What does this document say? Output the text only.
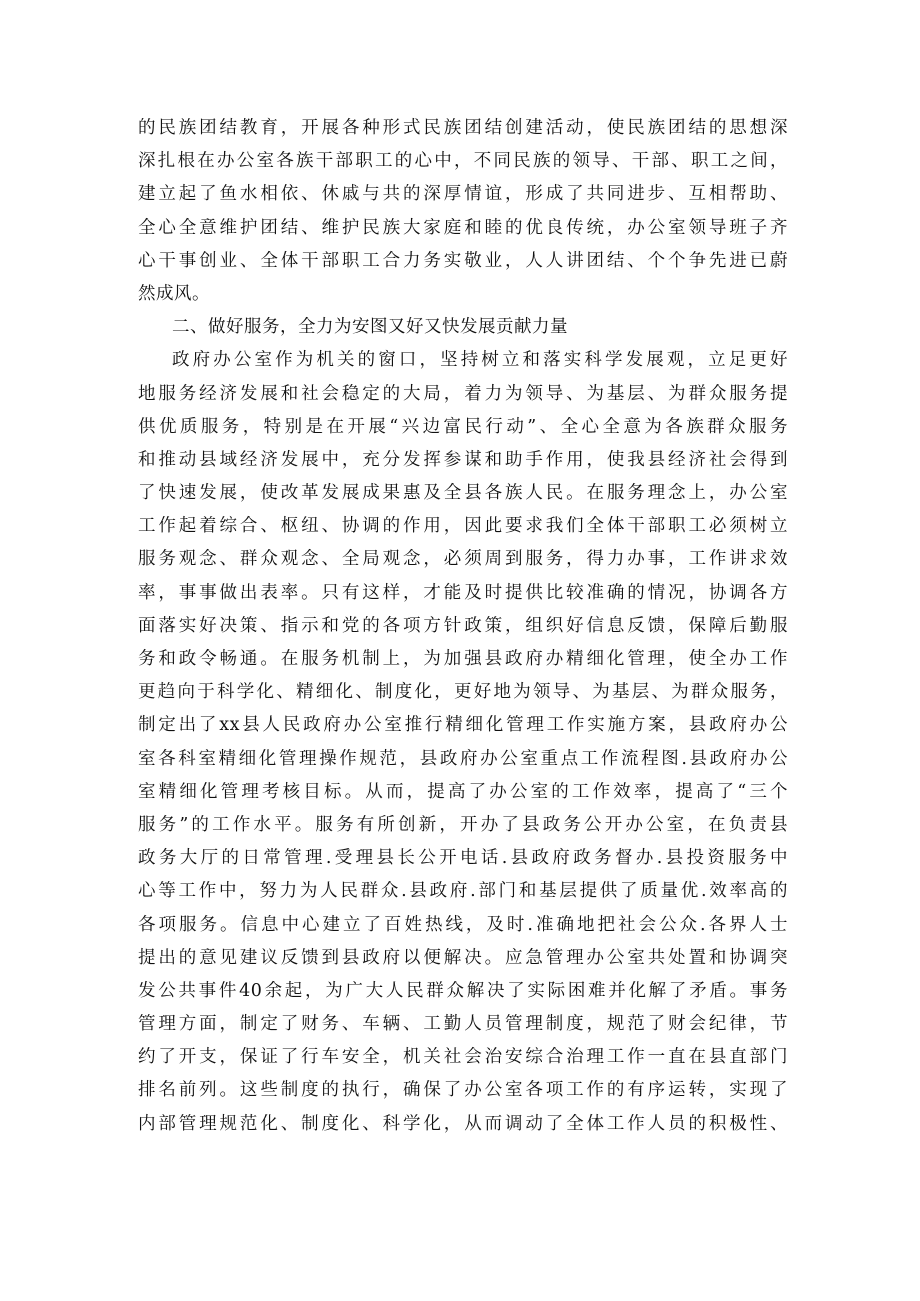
的民族团结教育，开展各种形式民族团结创建活动，使民族团结的思想深
深扎根在办公室各族干部职工的心中，不同民族的领导、干部、职工之间，
建立起了鱼水相依、休戚与共的深厚情谊，形成了共同进步、互相帮助、
全心全意维护团结、维护民族大家庭和睦的优良传统，办公室领导班子齐
心干事创业、全体干部职工合力务实敬业，人人讲团结、个个争先进已蔚
然成风。
二、做好服务，全力为安图又好又快发展贡献力量
政府办公室作为机关的窗口，坚持树立和落实科学发展观，立足更好
地服务经济发展和社会稳定的大局，着力为领导、为基层、为群众服务提
供优质服务，特别是在开展“兴边富民行动”、全心全意为各族群众服务
和推动县域经济发展中，充分发挥参谋和助手作用，使我县经济社会得到
了快速发展，使改革发展成果惠及全县各族人民。在服务理念上，办公室
工作起着综合、枢纽、协调的作用，因此要求我们全体干部职工必须树立
服务观念、群众观念、全局观念，必须周到服务，得力办事，工作讲求效
率，事事做出表率。只有这样，才能及时提供比较准确的情况，协调各方
面落实好决策、指示和党的各项方针政策，组织好信息反馈，保障后勤服
务和政令畅通。在服务机制上，为加强县政府办精细化管理，使全办工作
更趋向于科学化、精细化、制度化，更好地为领导、为基层、为群众服务，
制定出了xx县人民政府办公室推行精细化管理工作实施方案，县政府办公
室各科室精细化管理操作规范，县政府办公室重点工作流程图.县政府办公
室精细化管理考核目标。从而，提高了办公室的工作效率，提高了“三个
服务”的工作水平。服务有所创新，开办了县政务公开办公室，在负责县
政务大厅的日常管理.受理县长公开电话.县政府政务督办.县投资服务中
心等工作中，努力为人民群众.县政府.部门和基层提供了质量优.效率高的
各项服务。信息中心建立了百姓热线，及时.准确地把社会公众.各界人士
提出的意见建议反馈到县政府以便解决。应急管理办公室共处置和协调突
发公共事件40余起，为广大人民群众解决了实际困难并化解了矛盾。事务
管理方面，制定了财务、车辆、工勤人员管理制度，规范了财会纪律，节
约了开支，保证了行车安全，机关社会治安综合治理工作一直在县直部门
排名前列。这些制度的执行，确保了办公室各项工作的有序运转，实现了
内部管理规范化、制度化、科学化，从而调动了全体工作人员的积极性、
